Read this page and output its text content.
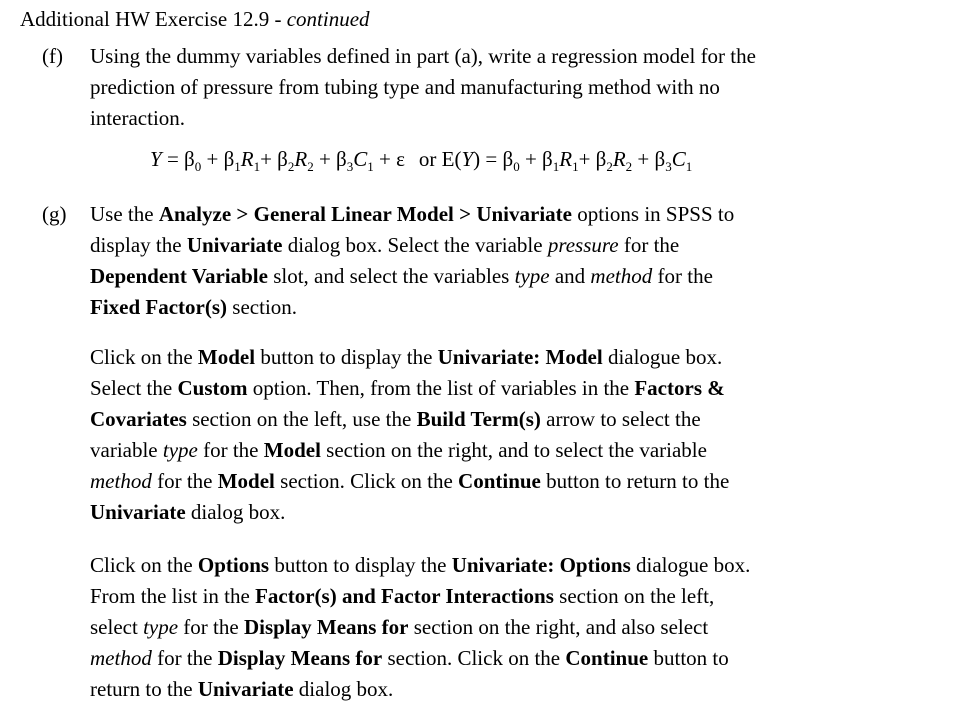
Additional HW Exercise 12.9 - continued
(f) Using the dummy variables defined in part (a), write a regression model for the
prediction of pressure from tubing type and manufacturing method with no
interaction.
$Y = \beta_0 + \beta_1R_1+ \beta_2R_2 + \beta_3C_1 + \varepsilon$ or $E(Y) = \beta_0 + \beta_1R_1+ \beta_2R_2 + \beta_3C_1$
(g) Use the Analyze > General Linear Model > Univariate options in SPSS to
display the Univariate dialog box. Select the variable pressure for the
Dependent Variable slot, and select the variables type and method for the
Fixed Factor(s) section.
Click on the Model button to display the Univariate: Model dialogue box.
Select the Custom option. Then, from the list of variables in the Factors &
Covariates section on the left, use the Build Term(s) arrow to select the
variable type for the Model section on the right, and to select the variable
method for the Model section. Click on the Continue button to return to the
Univariate dialog box.
Click on the Options button to display the Univariate: Options dialogue box.
From the list in the Factor(s) and Factor Interactions section on the left,
select type for the Display Means for section on the right, and also select
method for the Display Means for section. Click on the Continue button to
return to the Univariate dialog box.
